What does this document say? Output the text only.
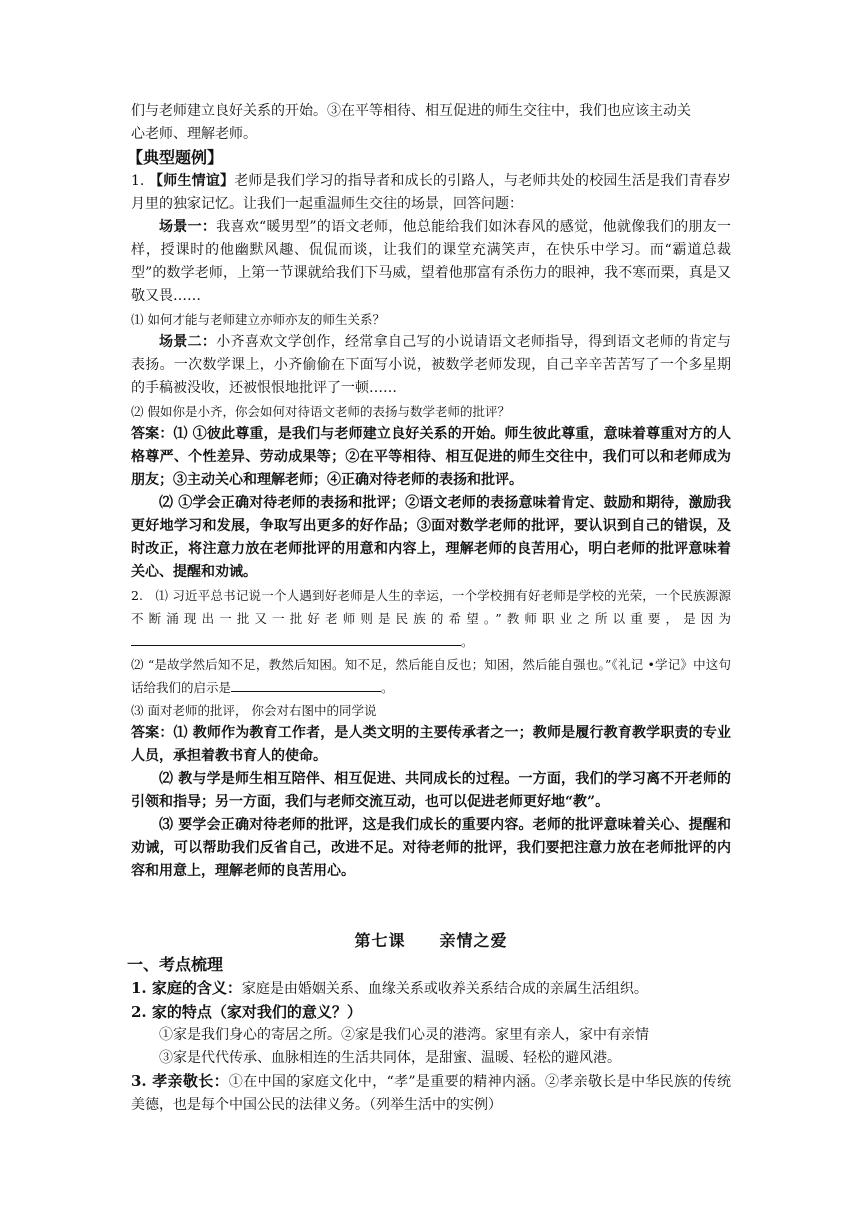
们与老师建立良好关系的开始。③在平等相待、相互促进的师生交往中，我们也应该主动关

心老师、理解老师。

【典型题例】

1. 【师生情谊】老师是我们学习的指导者和成长的引路人，与老师共处的校园生活是我们青春岁月里的独家记忆。让我们一起重温师生交往的场景，回答问题：

场景一：我喜欢“暖男型”的语文老师，他总能给我们如沐春风的感觉，他就像我们的朋友一样，授课时的他幽默风趣、侃侃而谈，让我们的课堂充满笑声，在快乐中学习。而“霸道总裁型”的数学老师，上第一节课就给我们下马威，望着他那富有杀伤力的眼神，我不寒而栗，真是又敬又畏……

⑴ 如何才能与老师建立亦师亦友的师生关系？

场景二：小齐喜欢文学创作，经常拿自己写的小说请语文老师指导，得到语文老师的肯定与表扬。一次数学课上，小齐偷偷在下面写小说，被数学老师发现，自己辛辛苦苦写了一个多星期的手稿被没收，还被恨恨地批评了一顿……

⑵ 假如你是小齐，你会如何对待语文老师的表扬与数学老师的批评？

答案：⑴ ①彼此尊重，是我们与老师建立良好关系的开始。师生彼此尊重，意味着尊重对方的人格尊严、个性差异、劳动成果等；②在平等相待、相互促进的师生交往中，我们可以和老师成为朋友；③主动关心和理解老师；④正确对待老师的表扬和批评。

⑵ ①学会正确对待老师的表扬和批评；②语文老师的表扬意味着肯定、鼓励和期待，激励我更好地学习和发展，争取写出更多的好作品；③面对数学老师的批评，要认识到自己的错误，及时改正，将注意力放在老师批评的用意和内容上，理解老师的良苦用心，明白老师的批评意味着关心、提醒和劝诫。

2. ⑴ 习近平总书记说一个人遇到好老师是人生的幸运，一个学校拥有好老师是学校的光荣，一个民族源源不断涌现出一批又一批好老师则是民族的希望。”教师职业之所以重要，是因为。

⑵ “是故学然后知不足，教然后知困。知不足，然后能自反也；知困，然后能自强也。”《礼记 •学记》中这句话给我们的启示是	。

⑶ 面对老师的批评， 你会对右图中的同学说

答案：⑴ 教师作为教育工作者，是人类文明的主要传承者之一；教师是履行教育教学职责的专业人员，承担着教书育人的使命。

⑵ 教与学是师生相互陪伴、相互促进、共同成长的过程。一方面，我们的学习离不开老师的引领和指导；另一方面，我们与老师交流互动，也可以促进老师更好地“教”。

⑶ 要学会正确对待老师的批评，这是我们成长的重要内容。老师的批评意味着关心、提醒和劝诫，可以帮助我们反省自己，改进不足。对待老师的批评，我们要把注意力放在老师批评的内容和用意上，理解老师的良苦用心。

第七课　　亲情之爱

一、考点梳理

1. 家庭的含义：家庭是由婚姻关系、血缘关系或收养关系结合成的亲属生活组织。

2. 家的特点（家对我们的意义？）

①家是我们身心的寄居之所。②家是我们心灵的港湾。家里有亲人，家中有亲情

③家是代代传承、血脉相连的生活共同体，是甜蜜、温暖、轻松的避风港。

3. 孝亲敬长：①在中国的家庭文化中，“孝”是重要的精神内涵。②孝亲敬长是中华民族的传统美德，也是每个中国公民的法律义务。（列举生活中的实例）
